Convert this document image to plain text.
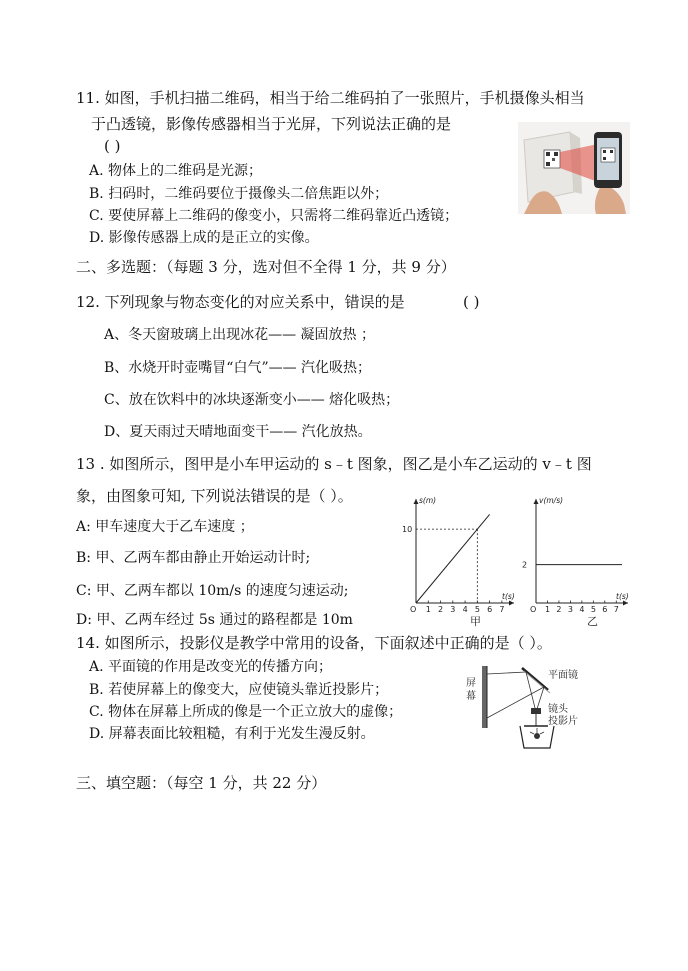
11. 如图，手机扫描二维码，相当于给二维码拍了一张照片，手机摄像头相当
于凸透镜，影像传感器相当于光屏，下列说法正确的是
( )
A. 物体上的二维码是光源；
B. 扫码时，二维码要位于摄像头二倍焦距以外；
C. 要使屏幕上二维码的像变小，只需将二维码靠近凸透镜；
D. 影像传感器上成的是正立的实像。
二、多选题：（每题 3 分，选对但不全得 1 分，共 9 分）
12. 下列现象与物态变化的对应关系中，错误的是	( )
A、冬天窗玻璃上出现冰花—— 凝固放热 ；
B、水烧开时壶嘴冒“白气”—— 汽化吸热；
C、放在饮料中的冰块逐渐变小—— 熔化吸热；
D、夏天雨过天晴地面变干—— 汽化放热。
13 . 如图所示，图甲是小车甲运动的 s﹣t 图象，图乙是小车乙运动的 v﹣t 图
象，由图象可知, 下列说法错误的是（ ）。
A: 甲车速度大于乙车速度 ；
B: 甲、乙两车都由静止开始运动计时;
C: 甲、乙两车都以 10m/s 的速度匀速运动;
D: 甲、乙两车经过 5s 通过的路程都是 10m
s(m)
t(s)
O 1 2 3 4 5 6 7
10
甲
v(m/s)
t(s)
O 1 2 3 4 5 6 7
2
乙
14. 如图所示，投影仪是教学中常用的设备，下面叙述中正确的是（ ）。
A. 平面镜的作用是改变光的传播方向；
B. 若使屏幕上的像变大，应使镜头靠近投影片；
C. 物体在屏幕上所成的像是一个正立放大的虚像；
D. 屏幕表面比较粗糙，有利于光发生漫反射。
屏
幕
平面镜
镜头
投影片
三、填空题：（每空 1 分，共 22 分）
